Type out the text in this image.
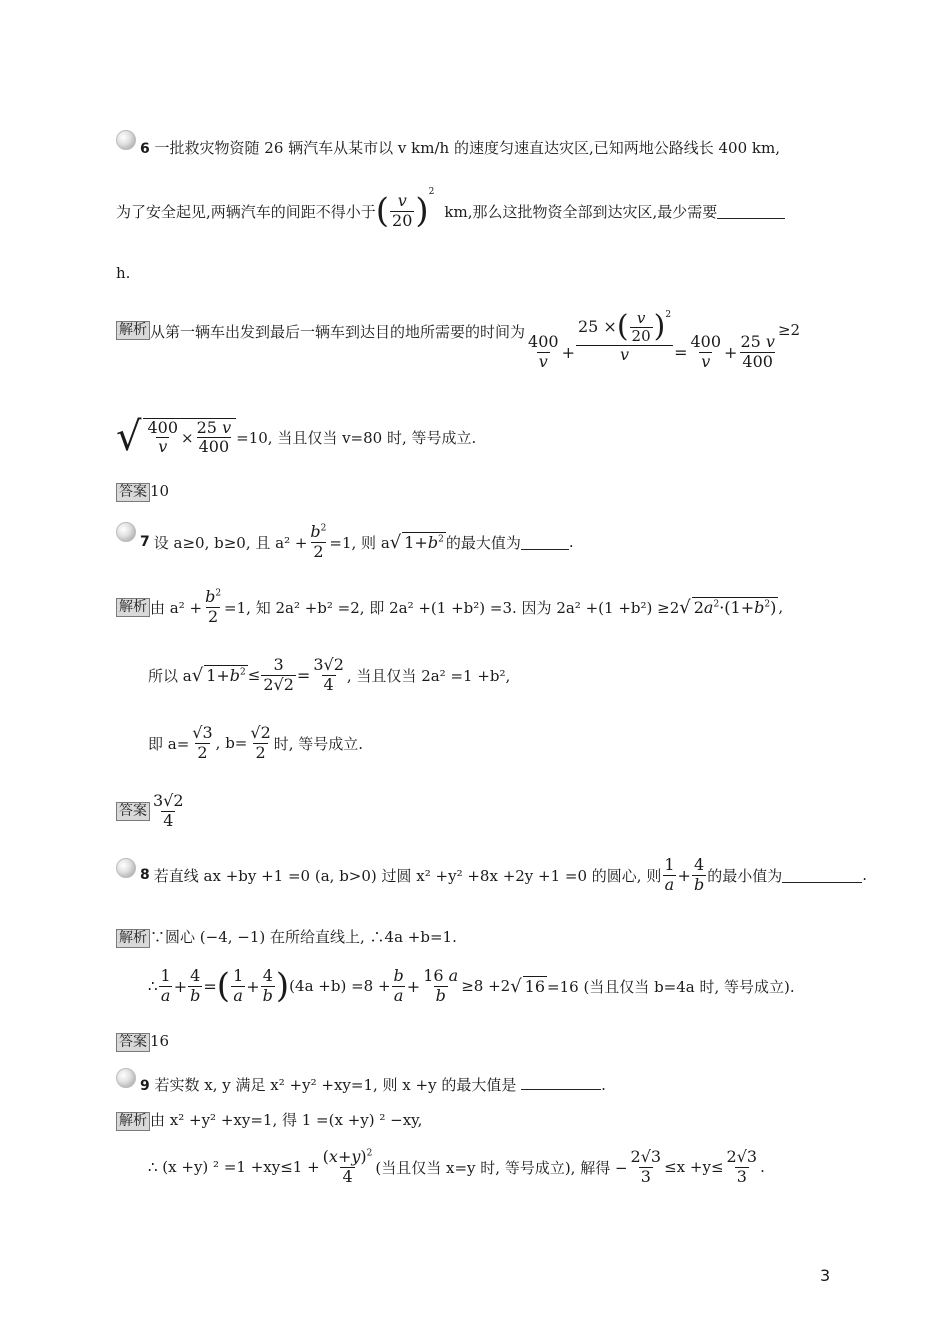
6 一批救灾物资随 26 辆汽车从某市以 v km/h 的速度匀速直达灾区,已知两地公路线长 400 km,
为了安全起见,两辆汽车的间距不得小于 ( $\frac{v}{20} )^2$
km,那么这批物资全部到达灾区,最少需要
h.
解析 从第一辆车出发到最后一辆车到达目的地所需要的时间为
$\frac{400}{v} + \frac{25 \times ( \frac{v}{20} )^2}{v} = \frac{400}{v} + \frac{25 v}{400}$
≥2
√ $\frac{400}{v} \times \frac{25 v}{400} =10$, 当且仅当 v=80 时, 等号成立.
答案 10
7 设 a≥0, b≥0, 且 $a^2 + \frac{b^2}{2} =1$, 则 a √ $1+b^2$ 的最大值为	.
解析 由 $a^2 + \frac{b^2}{2} =1$, 知 2a² +b² =2, 即 2a² +(1 +b²) =3. 因为 2a² +(1 +b²) ≥2 √ $2a^2\cdot(1+b^2)$ ,
所以 a √ $1+b^2 \le \frac{3}{2√2} = \frac{3√2}{4}$ , 当且仅当 2a² =1 +b²,
即 $a= \frac{√3}{2}$ , $b= \frac{√2}{2}$ 时, 等号成立.
答案 $\frac{3√2}{4}$
8 若直线 ax +by +1 =0 (a, b>0) 过圆 x² +y² +8x +2y +1 =0 的圆心, 则 $\frac{1}{a} + \frac{4}{b}$ 的最小值为	.
解析 ∵圆心 (−4, −1) 在所给直线上, ∴4a +b=1.
∴ $\frac{1}{a} + \frac{4}{b}$ = ( $\frac{1}{a} + \frac{4}{b}$ ) $(4a +b) =8 + \frac{b}{a} + \frac{16 a}{b} \ge 8 +2$ √ 16 =16 (当且仅当 b=4a 时, 等号成立).
答案 16
9 若实数 x, y 满足 x² +y² +xy=1, 则 x +y 的最大值是	.
解析 由 x² +y² +xy=1, 得 1 =(x +y) ² −xy,
∴ (x +y) $^2 =1 +xy\le 1 + \frac{(x+y)^2}{4}$ (当且仅当 x=y 时, 等号成立), 解得 − $\frac{2√3}{3} \le x +y\le \frac{2√3}{3}$ .
3
